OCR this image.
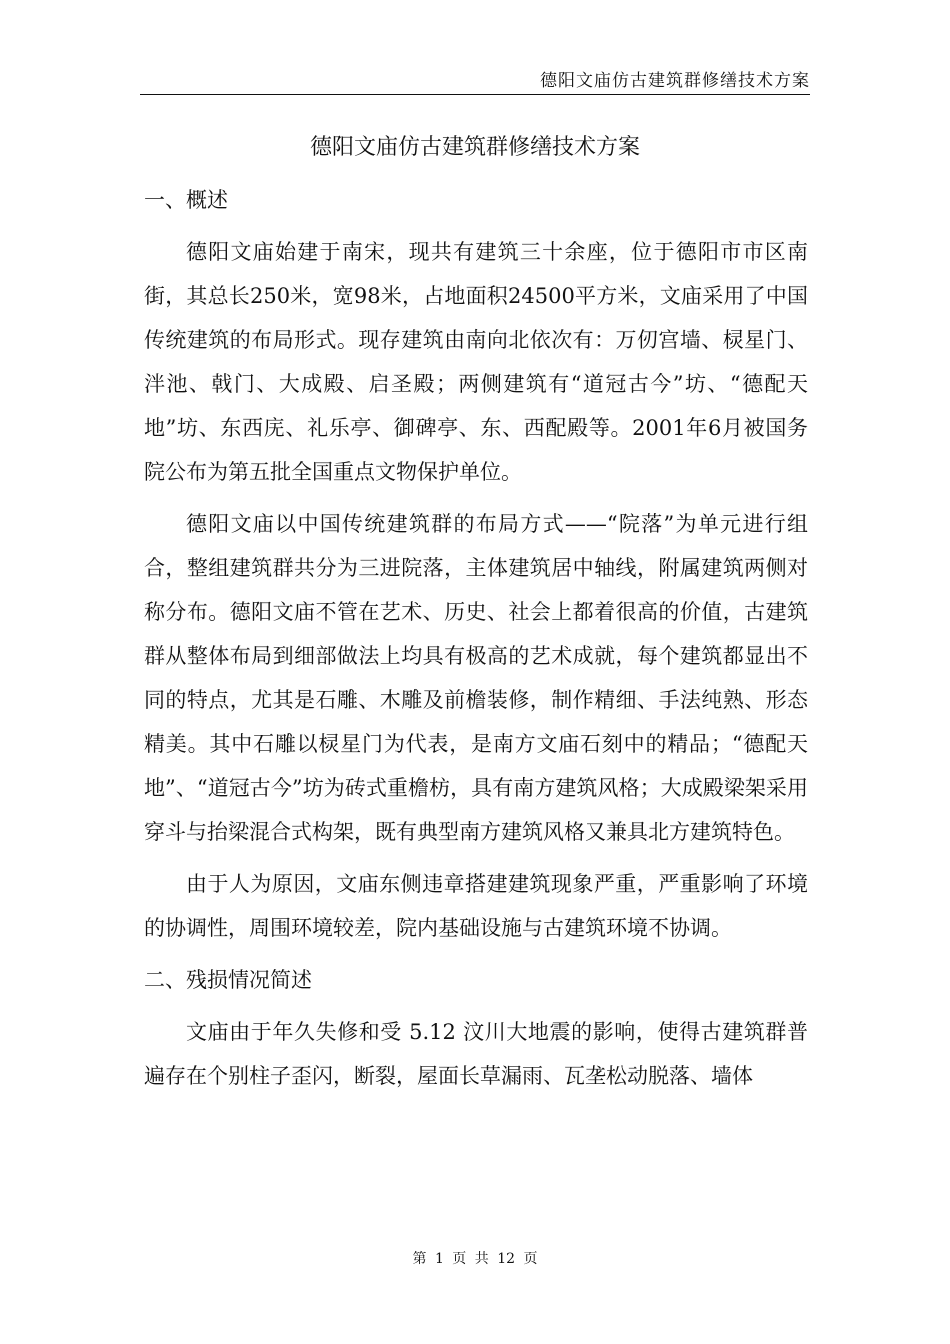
德阳文庙仿古建筑群修缮技术方案
德阳文庙仿古建筑群修缮技术方案

一、概述

德阳文庙始建于南宋，现共有建筑三十余座，位于德阳市市区南街，其总长250米，宽98米，占地面积24500平方米，文庙采用了中国传统建筑的布局形式。现存建筑由南向北依次有：万仞宫墙、棂星门、泮池、戟门、大成殿、启圣殿；两侧建筑有“道冠古今”坊、“德配天地”坊、东西庑、礼乐亭、御碑亭、东、西配殿等。2001年6月被国务院公布为第五批全国重点文物保护单位。

德阳文庙以中国传统建筑群的布局方式——“院落”为单元进行组合，整组建筑群共分为三进院落，主体建筑居中轴线，附属建筑两侧对称分布。德阳文庙不管在艺术、历史、社会上都着很高的价值，古建筑群从整体布局到细部做法上均具有极高的艺术成就，每个建筑都显出不同的特点，尤其是石雕、木雕及前檐装修，制作精细、手法纯熟、形态精美。其中石雕以棂星门为代表，是南方文庙石刻中的精品；“德配天地”、“道冠古今”坊为砖式重檐枋，具有南方建筑风格；大成殿梁架采用穿斗与抬梁混合式构架，既有典型南方建筑风格又兼具北方建筑特色。

由于人为原因，文庙东侧违章搭建建筑现象严重，严重影响了环境的协调性，周围环境较差，院内基础设施与古建筑环境不协调。

二、残损情况简述

文庙由于年久失修和受 5.12 汶川大地震的影响，使得古建筑群普遍存在个别柱子歪闪，断裂，屋面长草漏雨、瓦垄松动脱落、墙体

第 1 页 共 12 页
